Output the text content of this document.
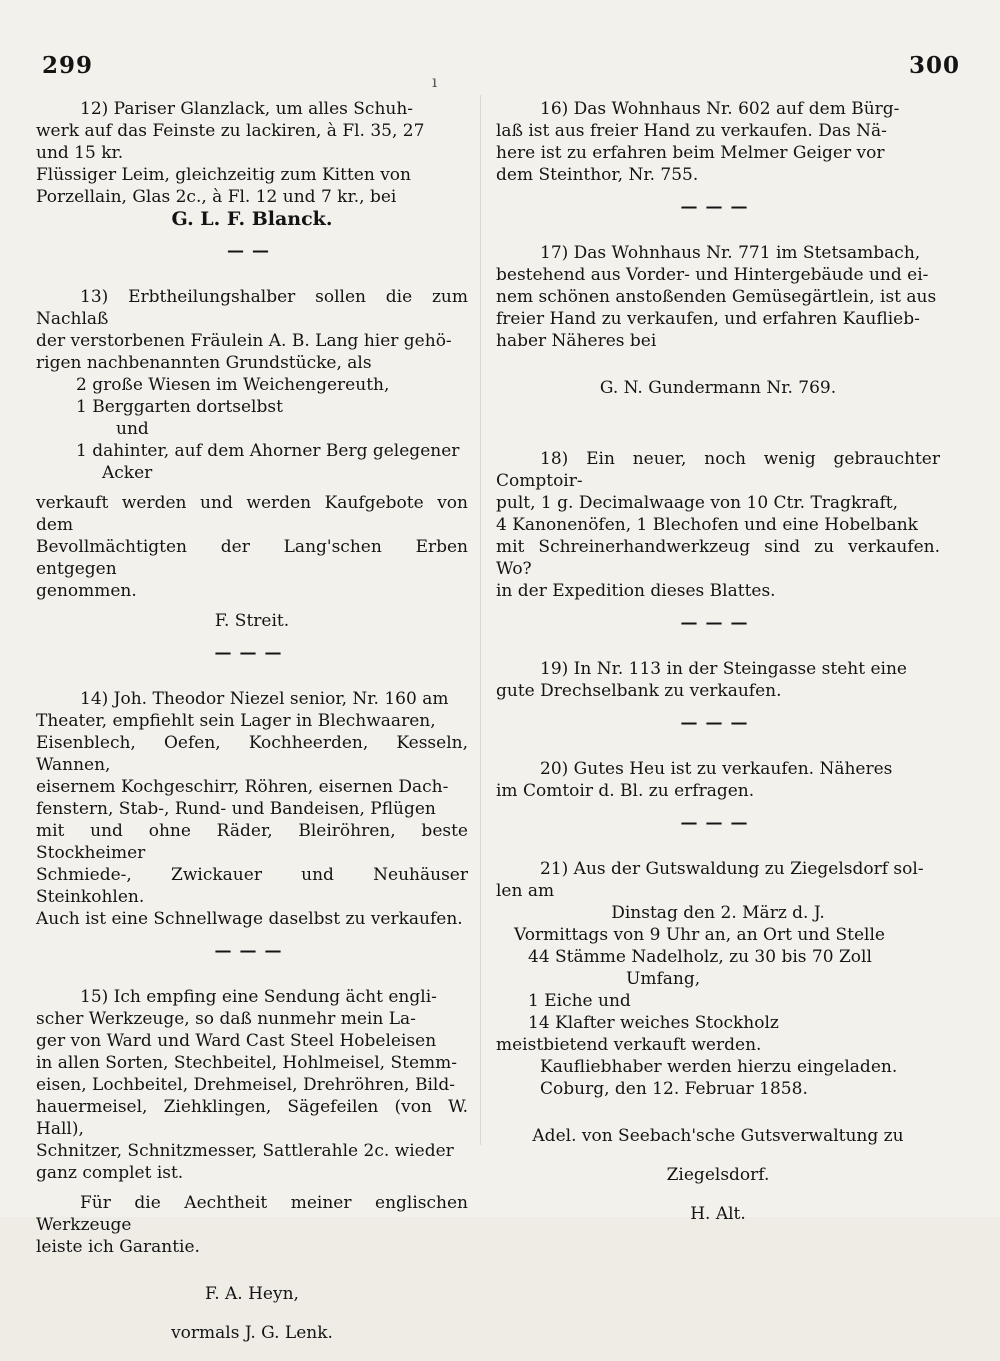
299
ı
300

12) Pariser Glanzlack, um alles Schuh-

werk auf das Feinste zu lackiren, à Fl. 35, 27

und 15 kr.

Flüssiger Leim, gleichzeitig zum Kitten von

Porzellain, Glas 2c., à Fl. 12 und 7 kr., bei

G. L. F. Blanck.

——

13) Erbtheilungshalber sollen die zum Nachlaß

der verstorbenen Fräulein A. B. Lang hier gehö-

rigen nachbenannten Grundstücke, als

2 große Wiesen im Weichengereuth,

1 Berggarten dortselbst

und

1 dahinter, auf dem Ahorner Berg gelegener Acker

verkauft werden und werden Kaufgebote von dem

Bevollmächtigten der Lang'schen Erben entgegen

genommen.

F. Streit.

———

14) Joh. Theodor Niezel senior, Nr. 160 am

Theater, empfiehlt sein Lager in Blechwaaren,

Eisenblech, Oefen, Kochheerden, Kesseln, Wannen,

eisernem Kochgeschirr, Röhren, eisernen Dach-

fenstern, Stab-, Rund- und Bandeisen, Pflügen

mit und ohne Räder, Bleiröhren, beste Stockheimer

Schmiede-, Zwickauer und Neuhäuser Steinkohlen.

Auch ist eine Schnellwage daselbst zu verkaufen.

———

15) Ich empfing eine Sendung ächt engli-

scher Werkzeuge, so daß nunmehr mein La-

ger von Ward und Ward Cast Steel Hobeleisen

in allen Sorten, Stechbeitel, Hohlmeisel, Stemm-

eisen, Lochbeitel, Drehmeisel, Drehröhren, Bild-

hauermeisel, Ziehklingen, Sägefeilen (von W. Hall),

Schnitzer, Schnitzmesser, Sattlerahle 2c. wieder

ganz complet ist.

Für die Aechtheit meiner englischen Werkzeuge

leiste ich Garantie.

F. A. Heyn,

vormals J. G. Lenk.

16) Das Wohnhaus Nr. 602 auf dem Bürg-

laß ist aus freier Hand zu verkaufen. Das Nä-

here ist zu erfahren beim Melmer Geiger vor

dem Steinthor, Nr. 755.

———

17) Das Wohnhaus Nr. 771 im Stetsambach,

bestehend aus Vorder- und Hintergebäude und ei-

nem schönen anstoßenden Gemüsegärtlein, ist aus

freier Hand zu verkaufen, und erfahren Kauflieb-

haber Näheres bei

G. N. Gundermann Nr. 769.

18) Ein neuer, noch wenig gebrauchter Comptoir-

pult, 1 g. Decimalwaage von 10 Ctr. Tragkraft,

4 Kanonenöfen, 1 Blechofen und eine Hobelbank

mit Schreinerhandwerkzeug sind zu verkaufen. Wo?

in der Expedition dieses Blattes.

———

19) In Nr. 113 in der Steingasse steht eine

gute Drechselbank zu verkaufen.

———

20) Gutes Heu ist zu verkaufen. Näheres

im Comtoir d. Bl. zu erfragen.

———

21) Aus der Gutswaldung zu Ziegelsdorf sol-

len am

Dinstag den 2. März d. J.

Vormittags von 9 Uhr an, an Ort und Stelle

44 Stämme Nadelholz, zu 30 bis 70 Zoll

Umfang,

1 Eiche und

14 Klafter weiches Stockholz

meistbietend verkauft werden.

Kaufliebhaber werden hierzu eingeladen.

Coburg, den 12. Februar 1858.

Adel. von Seebach'sche Gutsverwaltung zu

Ziegelsdorf.

H. Alt.
